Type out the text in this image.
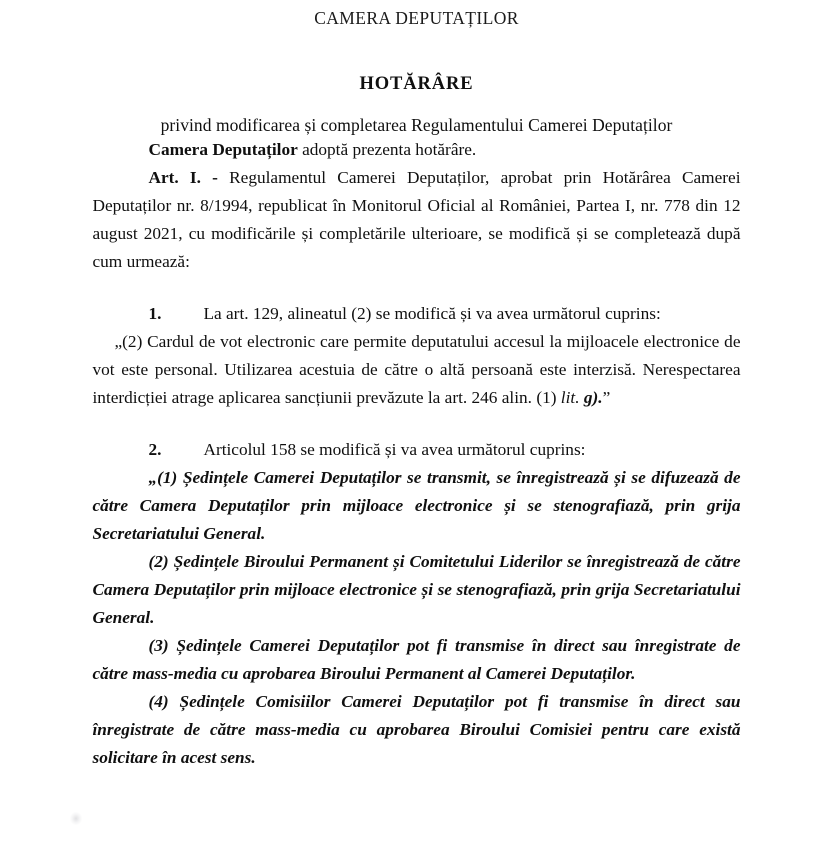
CAMERA DEPUTAȚILOR
HOTĂRÂRE
privind modificarea și completarea Regulamentului Camerei Deputaților

Camera Deputaților adoptă prezenta hotărâre.

Art. I. - Regulamentul Camerei Deputaților, aprobat prin Hotărârea Camerei Deputaților nr. 8/1994, republicat în Monitorul Oficial al României, Partea I, nr. 778 din 12 august 2021, cu modificările și completările ulterioare, se modifică și se completează după cum urmează:

1. La art. 129, alineatul (2) se modifică și va avea următorul cuprins:

„(2) Cardul de vot electronic care permite deputatului accesul la mijloacele electronice de vot este personal. Utilizarea acestuia de către o altă persoană este interzisă. Nerespectarea interdicției atrage aplicarea sancțiunii prevăzute la art. 246 alin. (1) lit. g).”

2. Articolul 158 se modifică și va avea următorul cuprins:

„(1) Ședințele Camerei Deputaților se transmit, se înregistrează și se difuzează de către Camera Deputaților prin mijloace electronice și se stenografiază, prin grija Secretariatului General.

(2) Ședințele Biroului Permanent și Comitetului Liderilor se înregistrează de către Camera Deputaților prin mijloace electronice și se stenografiază, prin grija Secretariatului General.

(3) Ședințele Camerei Deputaților pot fi transmise în direct sau înregistrate de către mass-media cu aprobarea Biroului Permanent al Camerei Deputaților.

(4) Ședințele Comisiilor Camerei Deputaților pot fi transmise în direct sau înregistrate de către mass-media cu aprobarea Biroului Comisiei pentru care există solicitare în acest sens.
